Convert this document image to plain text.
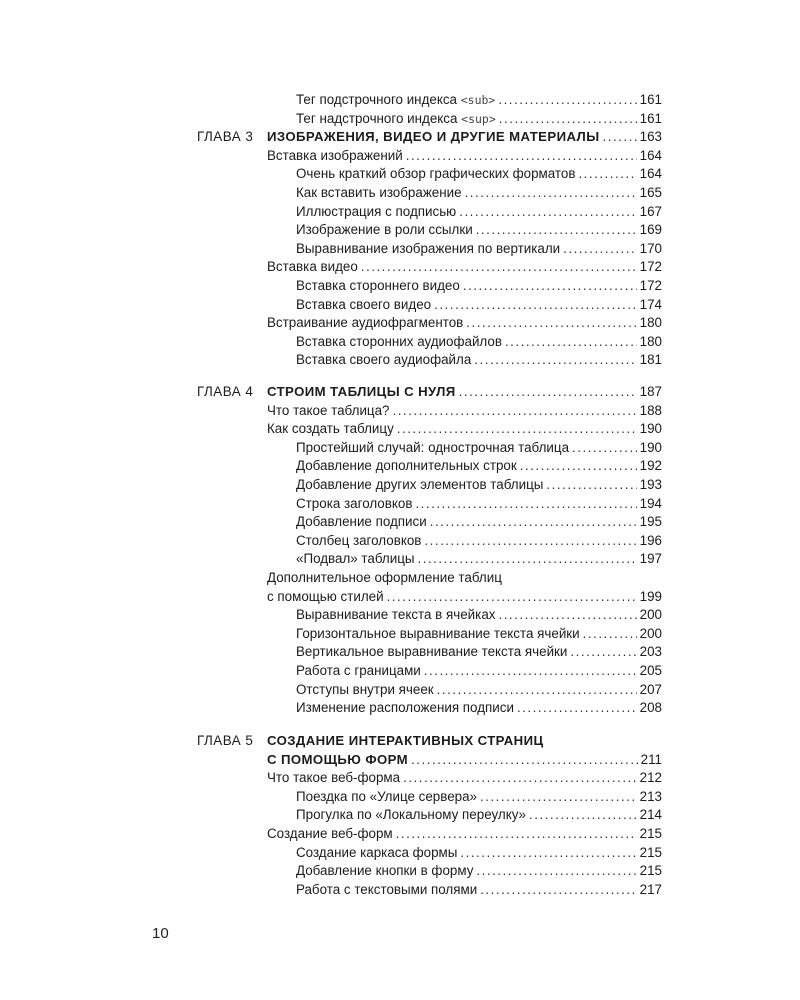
Тег подстрочного индекса <sub> .....	161
Тег надстрочного индекса <sup> .....	161
ГЛАВА 3 ИЗОБРАЖЕНИЯ, ВИДЕО И ДРУГИЕ МАТЕРИАЛЫ .....	163
Вставка изображений .....	164
Очень краткий обзор графических форматов .....	164
Как вставить изображение .....	165
Иллюстрация с подписью .....	167
Изображение в роли ссылки .....	169
Выравнивание изображения по вертикали .....	170
Вставка видео .....	172
Вставка стороннего видео .....	172
Вставка своего видео .....	174
Встраивание аудиофрагментов .....	180
Вставка сторонних аудиофайлов .....	180
Вставка своего аудиофайла .....	181
ГЛАВА 4 СТРОИМ ТАБЛИЦЫ С НУЛЯ .....	187
Что такое таблица? .....	188
Как создать таблицу .....	190
Простейший случай: однострочная таблица .....	190
Добавление дополнительных строк .....	192
Добавление других элементов таблицы .....	193
Строка заголовков .....	194
Добавление подписи .....	195
Столбец заголовков .....	196
«Подвал» таблицы .....	197
Дополнительное оформление таблиц
с помощью стилей .....	199
Выравнивание текста в ячейках .....	200
Горизонтальное выравнивание текста ячейки .....	200
Вертикальное выравнивание текста ячейки .....	203
Работа с границами .....	205
Отступы внутри ячеек .....	207
Изменение расположения подписи .....	208
ГЛАВА 5 СОЗДАНИЕ ИНТЕРАКТИВНЫХ СТРАНИЦ
С ПОМОЩЬЮ ФОРМ .....	211
Что такое веб-форма .....	212
Поездка по «Улице сервера» .....	213
Прогулка по «Локальному переулку» .....	214
Создание веб-форм .....	215
Создание каркаса формы .....	215
Добавление кнопки в форму .....	215
Работа с текстовыми полями .....	217
10
